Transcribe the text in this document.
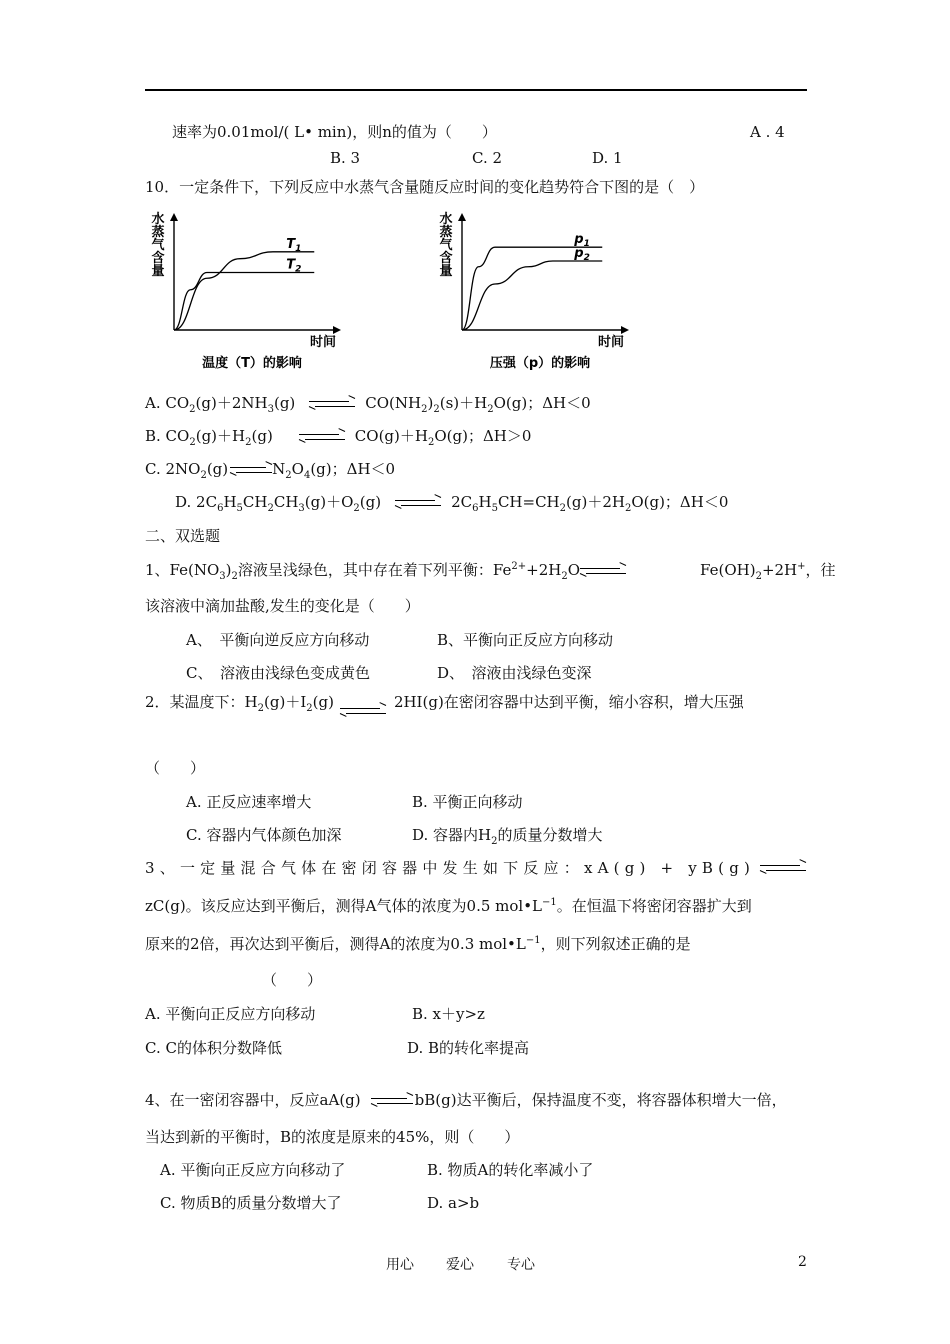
速率为0.01mol/( L• min)，则n的值为（　　）	A . 4
B. 3	C. 2	D. 1
10．一定条件下，下列反应中水蒸气含量随反应时间的变化趋势符合下图的是（　）
水
蒸
气
含
量
时间
温度（T）的影响
$T_1$
$T_2$
水
蒸
气
含
量
时间
压强（p）的影响
$p_1$
$p_2$
A. $CO_2(g)+2NH_3(g)$	$CO(NH_2)_2(s)+H_2O(g)$；ΔH＜0
B. $CO_2(g)+H_2(g)$	$CO(g)+H_2O(g)$；ΔH＞0
C. $2NO_2(g)$	$N_2O_4(g)$；ΔH＜0
D. $2C_6H_5CH_2CH_3(g)+O_2(g)$	$2C_6H_5CH=CH_2(g)+2H_2O(g)$；ΔH＜0
二、双选题
1、$Fe(NO_3)_2$溶液呈浅绿色，其中存在着下列平衡：$Fe^{2+}+2H_2O$	$Fe(OH)_2+2H^+$，往
该溶液中滴加盐酸,发生的变化是（　　）
A、　平衡向逆反应方向移动	B、平衡向正反应方向移动
C、　溶液由浅绿色变成黄色	D、　溶液由浅绿色变深
2．某温度下：$H_2(g)+I_2(g)$	2HI(g)在密闭容器中达到平衡，缩小容积，增大压强
（　　）
A. 正反应速率增大	B. 平衡正向移动
C. 容器内气体颜色加深	D. 容器内$H_2$的质量分数增大
3、一定量混合气体在密闭容器中发生如下反应：xA(g) + yB(g)
zC(g)。该反应达到平衡后，测得A气体的浓度为0.5 $mol•L^{-1}$。在恒温下将密闭容器扩大到
原来的2倍，再次达到平衡后，测得A的浓度为0.3 $mol•L^{-1}$，则下列叙述正确的是
（　　）
A. 平衡向正反应方向移动	B. x＋y>z
C. C的体积分数降低	D. B的转化率提高
4、在一密闭容器中，反应aA(g)	bB(g)达平衡后，保持温度不变，将容器体积增大一倍，
当达到新的平衡时，B的浓度是原来的45%，则（　　）
A. 平衡向正反应方向移动了	B. 物质A的转化率减小了
C. 物质B的质量分数增大了	D. a>b
用心 爱心 专心	2
